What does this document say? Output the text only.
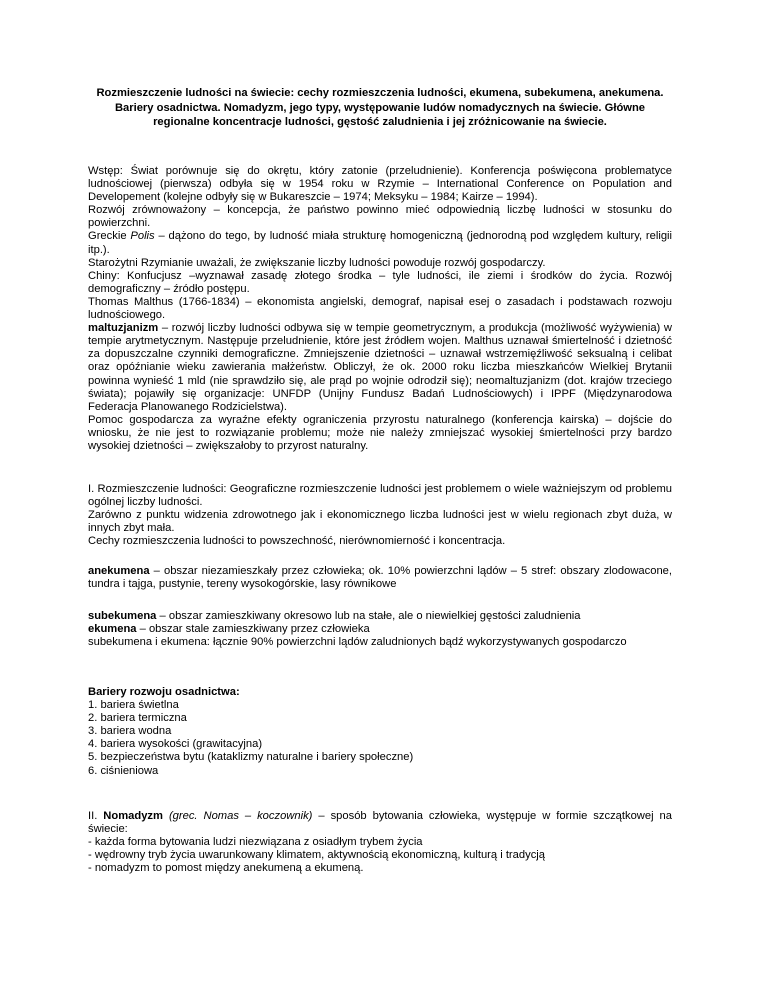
Rozmieszczenie ludności na świecie: cechy rozmieszczenia ludności, ekumena, subekumena, anekumena. Bariery osadnictwa. Nomadyzm, jego typy, występowanie ludów nomadycznych na świecie. Główne regionalne koncentracje ludności, gęstość zaludnienia i jej zróżnicowanie na świecie.

Wstęp: Świat porównuje się do okrętu, który zatonie (przeludnienie). Konferencja poświęcona problematyce ludnościowej (pierwsza) odbyła się w 1954 roku w Rzymie – International Conference on Population and Developement (kolejne odbyły się w Bukareszcie – 1974; Meksyku – 1984; Kairze – 1994).

Rozwój zrównoważony – koncepcja, że państwo powinno mieć odpowiednią liczbę ludności w stosunku do powierzchni.

Greckie Polis – dążono do tego, by ludność miała strukturę homogeniczną (jednorodną pod względem kultury, religii itp.).

Starożytni Rzymianie uważali, że zwiększanie liczby ludności powoduje rozwój gospodarczy.

Chiny: Konfucjusz –wyznawał zasadę złotego środka – tyle ludności, ile ziemi i środków do życia. Rozwój demograficzny – źródło postępu.

Thomas Malthus (1766-1834) – ekonomista angielski, demograf, napisał esej o zasadach i podstawach rozwoju ludnościowego.

maltuzjanizm – rozwój liczby ludności odbywa się w tempie geometrycznym, a produkcja (możliwość wyżywienia) w tempie arytmetycznym. Następuje przeludnienie, które jest źródłem wojen. Malthus uznawał śmiertelność i dzietność za dopuszczalne czynniki demograficzne. Zmniejszenie dzietności – uznawał wstrzemięźliwość seksualną i celibat oraz opóźnianie wieku zawierania małżeństw. Obliczył, że ok. 2000 roku liczba mieszkańców Wielkiej Brytanii powinna wynieść 1 mld (nie sprawdziło się, ale prąd po wojnie odrodził się); neomaltuzjanizm (dot. krajów trzeciego świata); pojawiły się organizacje: UNFDP (Unijny Fundusz Badań Ludnościowych) i IPPF (Międzynarodowa Federacja Planowanego Rodzicielstwa).

Pomoc gospodarcza za wyraźne efekty ograniczenia przyrostu naturalnego (konferencja kairska) – dojście do wniosku, że nie jest to rozwiązanie problemu; może nie należy zmniejszać wysokiej śmiertelności przy bardzo wysokiej dzietności – zwiększałoby to przyrost naturalny.

I. Rozmieszczenie ludności: Geograficzne rozmieszczenie ludności jest problemem o wiele ważniejszym od problemu ogólnej liczby ludności.

Zarówno z punktu widzenia zdrowotnego jak i ekonomicznego liczba ludności jest w wielu regionach zbyt duża, w innych zbyt mała.

Cechy rozmieszczenia ludności to powszechność, nierównomierność i koncentracja.

anekumena – obszar niezamieszkały przez człowieka; ok. 10% powierzchni lądów – 5 stref: obszary zlodowacone, tundra i tajga, pustynie, tereny wysokogórskie, lasy równikowe

subekumena – obszar zamieszkiwany okresowo lub na stałe, ale o niewielkiej gęstości zaludnienia

ekumena – obszar stale zamieszkiwany przez człowieka

subekumena i ekumena: łącznie 90% powierzchni lądów zaludnionych bądź wykorzystywanych gospodarczo

Bariery rozwoju osadnictwa:

1. bariera świetlna

2. bariera termiczna

3. bariera wodna

4. bariera wysokości (grawitacyjna)

5. bezpieczeństwa bytu (kataklizmy naturalne i bariery społeczne)

6. ciśnieniowa

II. Nomadyzm (grec. Nomas – koczownik) – sposób bytowania człowieka, występuje w formie szczątkowej na świecie:

- każda forma bytowania ludzi niezwiązana z osiadłym trybem życia

- wędrowny tryb życia uwarunkowany klimatem, aktywnością ekonomiczną, kulturą i tradycją

- nomadyzm to pomost między anekumeną a ekumeną.
